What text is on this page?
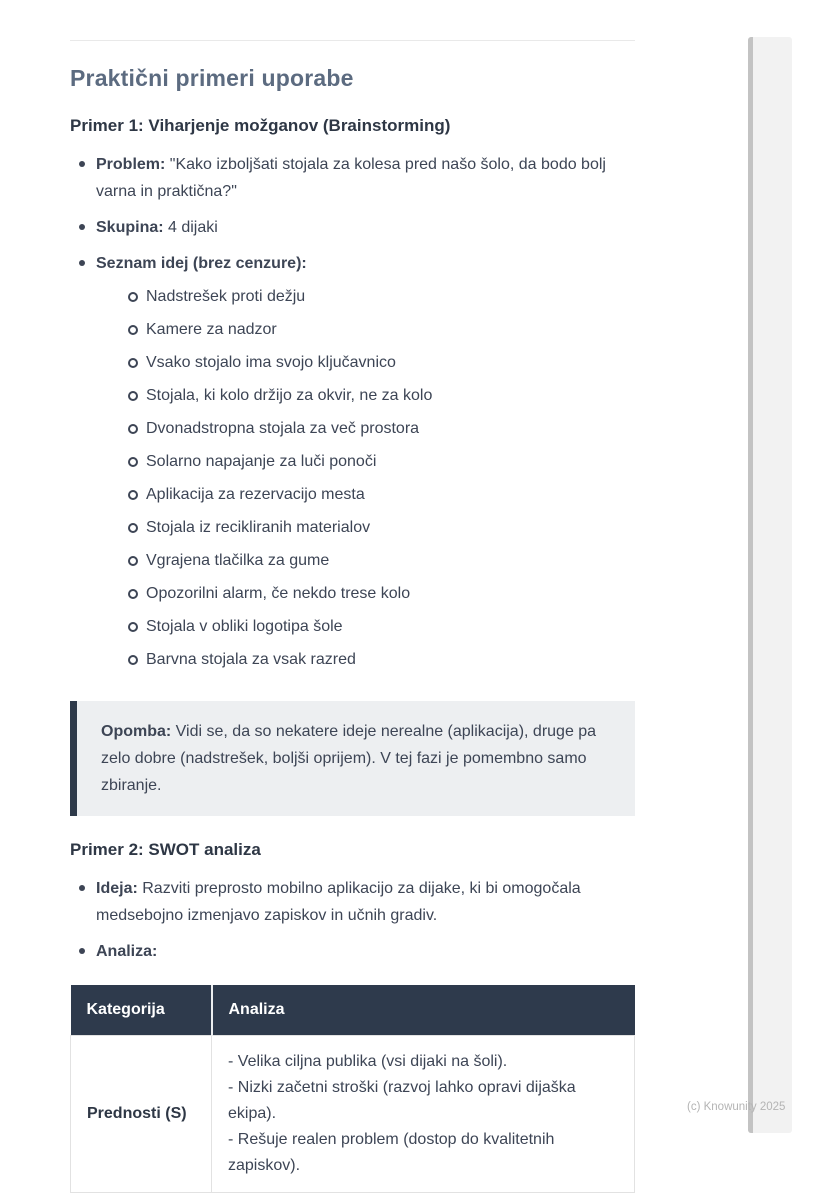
Praktični primeri uporabe
Primer 1: Viharjenje možganov (Brainstorming)
Problem: "Kako izboljšati stojala za kolesa pred našo šolo, da bodo bolj varna in praktična?"
Skupina: 4 dijaki
Seznam idej (brez cenzure):
Nadstrešek proti dežju
Kamere za nadzor
Vsako stojalo ima svojo ključavnico
Stojala, ki kolo držijo za okvir, ne za kolo
Dvonadstropna stojala za več prostora
Solarno napajanje za luči ponoči
Aplikacija za rezervacijo mesta
Stojala iz recikliranih materialov
Vgrajena tlačilka za gume
Opozorilni alarm, če nekdo trese kolo
Stojala v obliki logotipa šole
Barvna stojala za vsak razred
Opomba: Vidi se, da so nekatere ideje nerealne (aplikacija), druge pa zelo dobre (nadstrešek, boljši oprijem). V tej fazi je pomembno samo zbiranje.
Primer 2: SWOT analiza
Ideja: Razviti preprosto mobilno aplikacijo za dijake, ki bi omogočala medsebojno izmenjavo zapiskov in učnih gradiv.
Analiza:
Kategorija	Analiza
Prednosti (S)	- Velika ciljna publika (vsi dijaki na šoli).
- Nizki začetni stroški (razvoj lahko opravi dijaška ekipa).
- Rešuje realen problem (dostop do kvalitetnih zapiskov).
(c) Knowunity 2025
